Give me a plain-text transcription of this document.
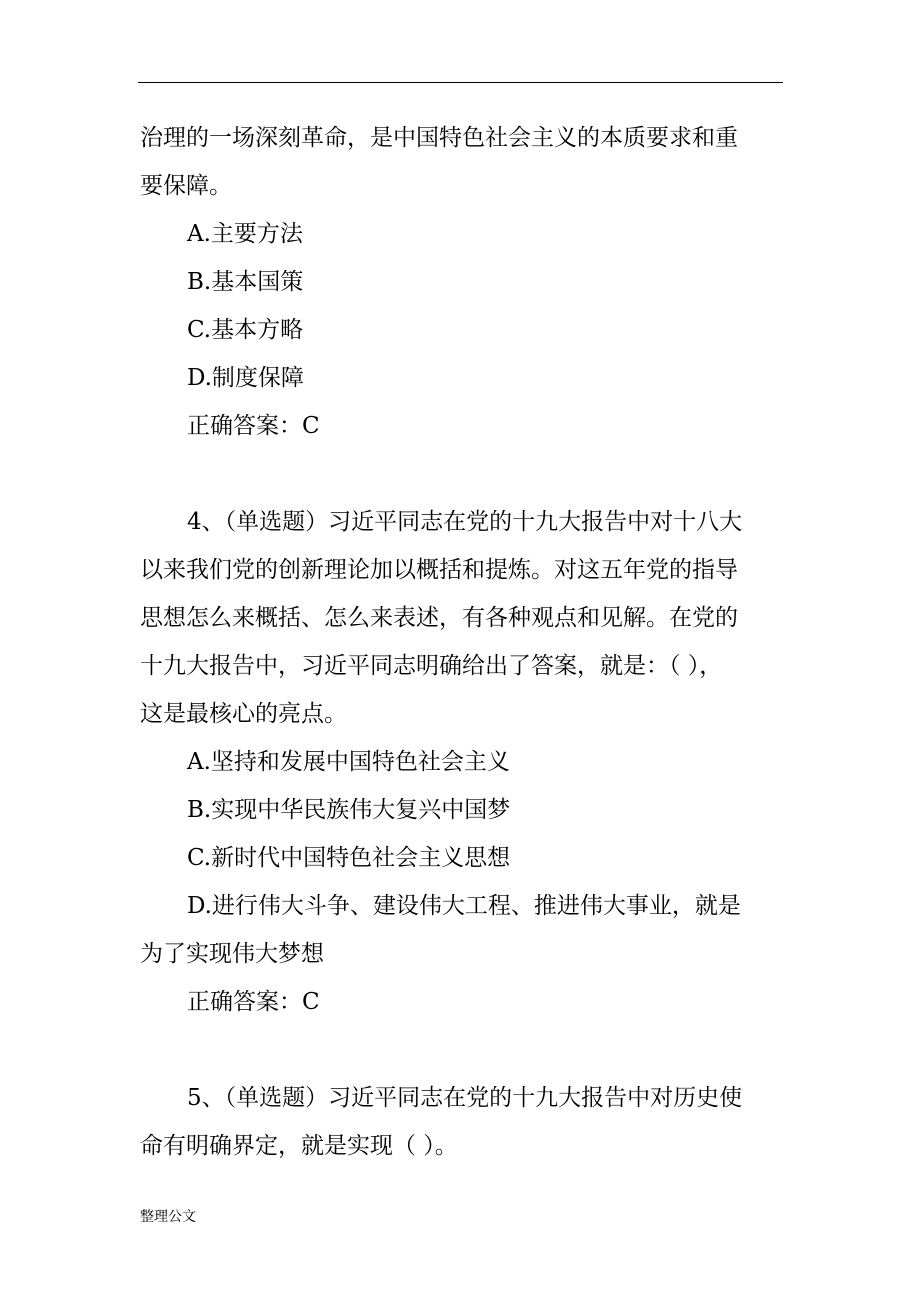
治理的一场深刻革命，是中国特色社会主义的本质要求和重
要保障。
A.主要方法
B.基本国策
C.基本方略
D.制度保障
正确答案：C
4、（单选题）习近平同志在党的十九大报告中对十八大
以来我们党的创新理论加以概括和提炼。对这五年党的指导
思想怎么来概括、怎么来表述，有各种观点和见解。在党的
十九大报告中，习近平同志明确给出了答案，就是：（ ），
这是最核心的亮点。
A.坚持和发展中国特色社会主义
B.实现中华民族伟大复兴中国梦
C.新时代中国特色社会主义思想
D.进行伟大斗争、建设伟大工程、推进伟大事业，就是
为了实现伟大梦想
正确答案：C
5、（单选题）习近平同志在党的十九大报告中对历史使
命有明确界定，就是实现（ ）。
整理公文
